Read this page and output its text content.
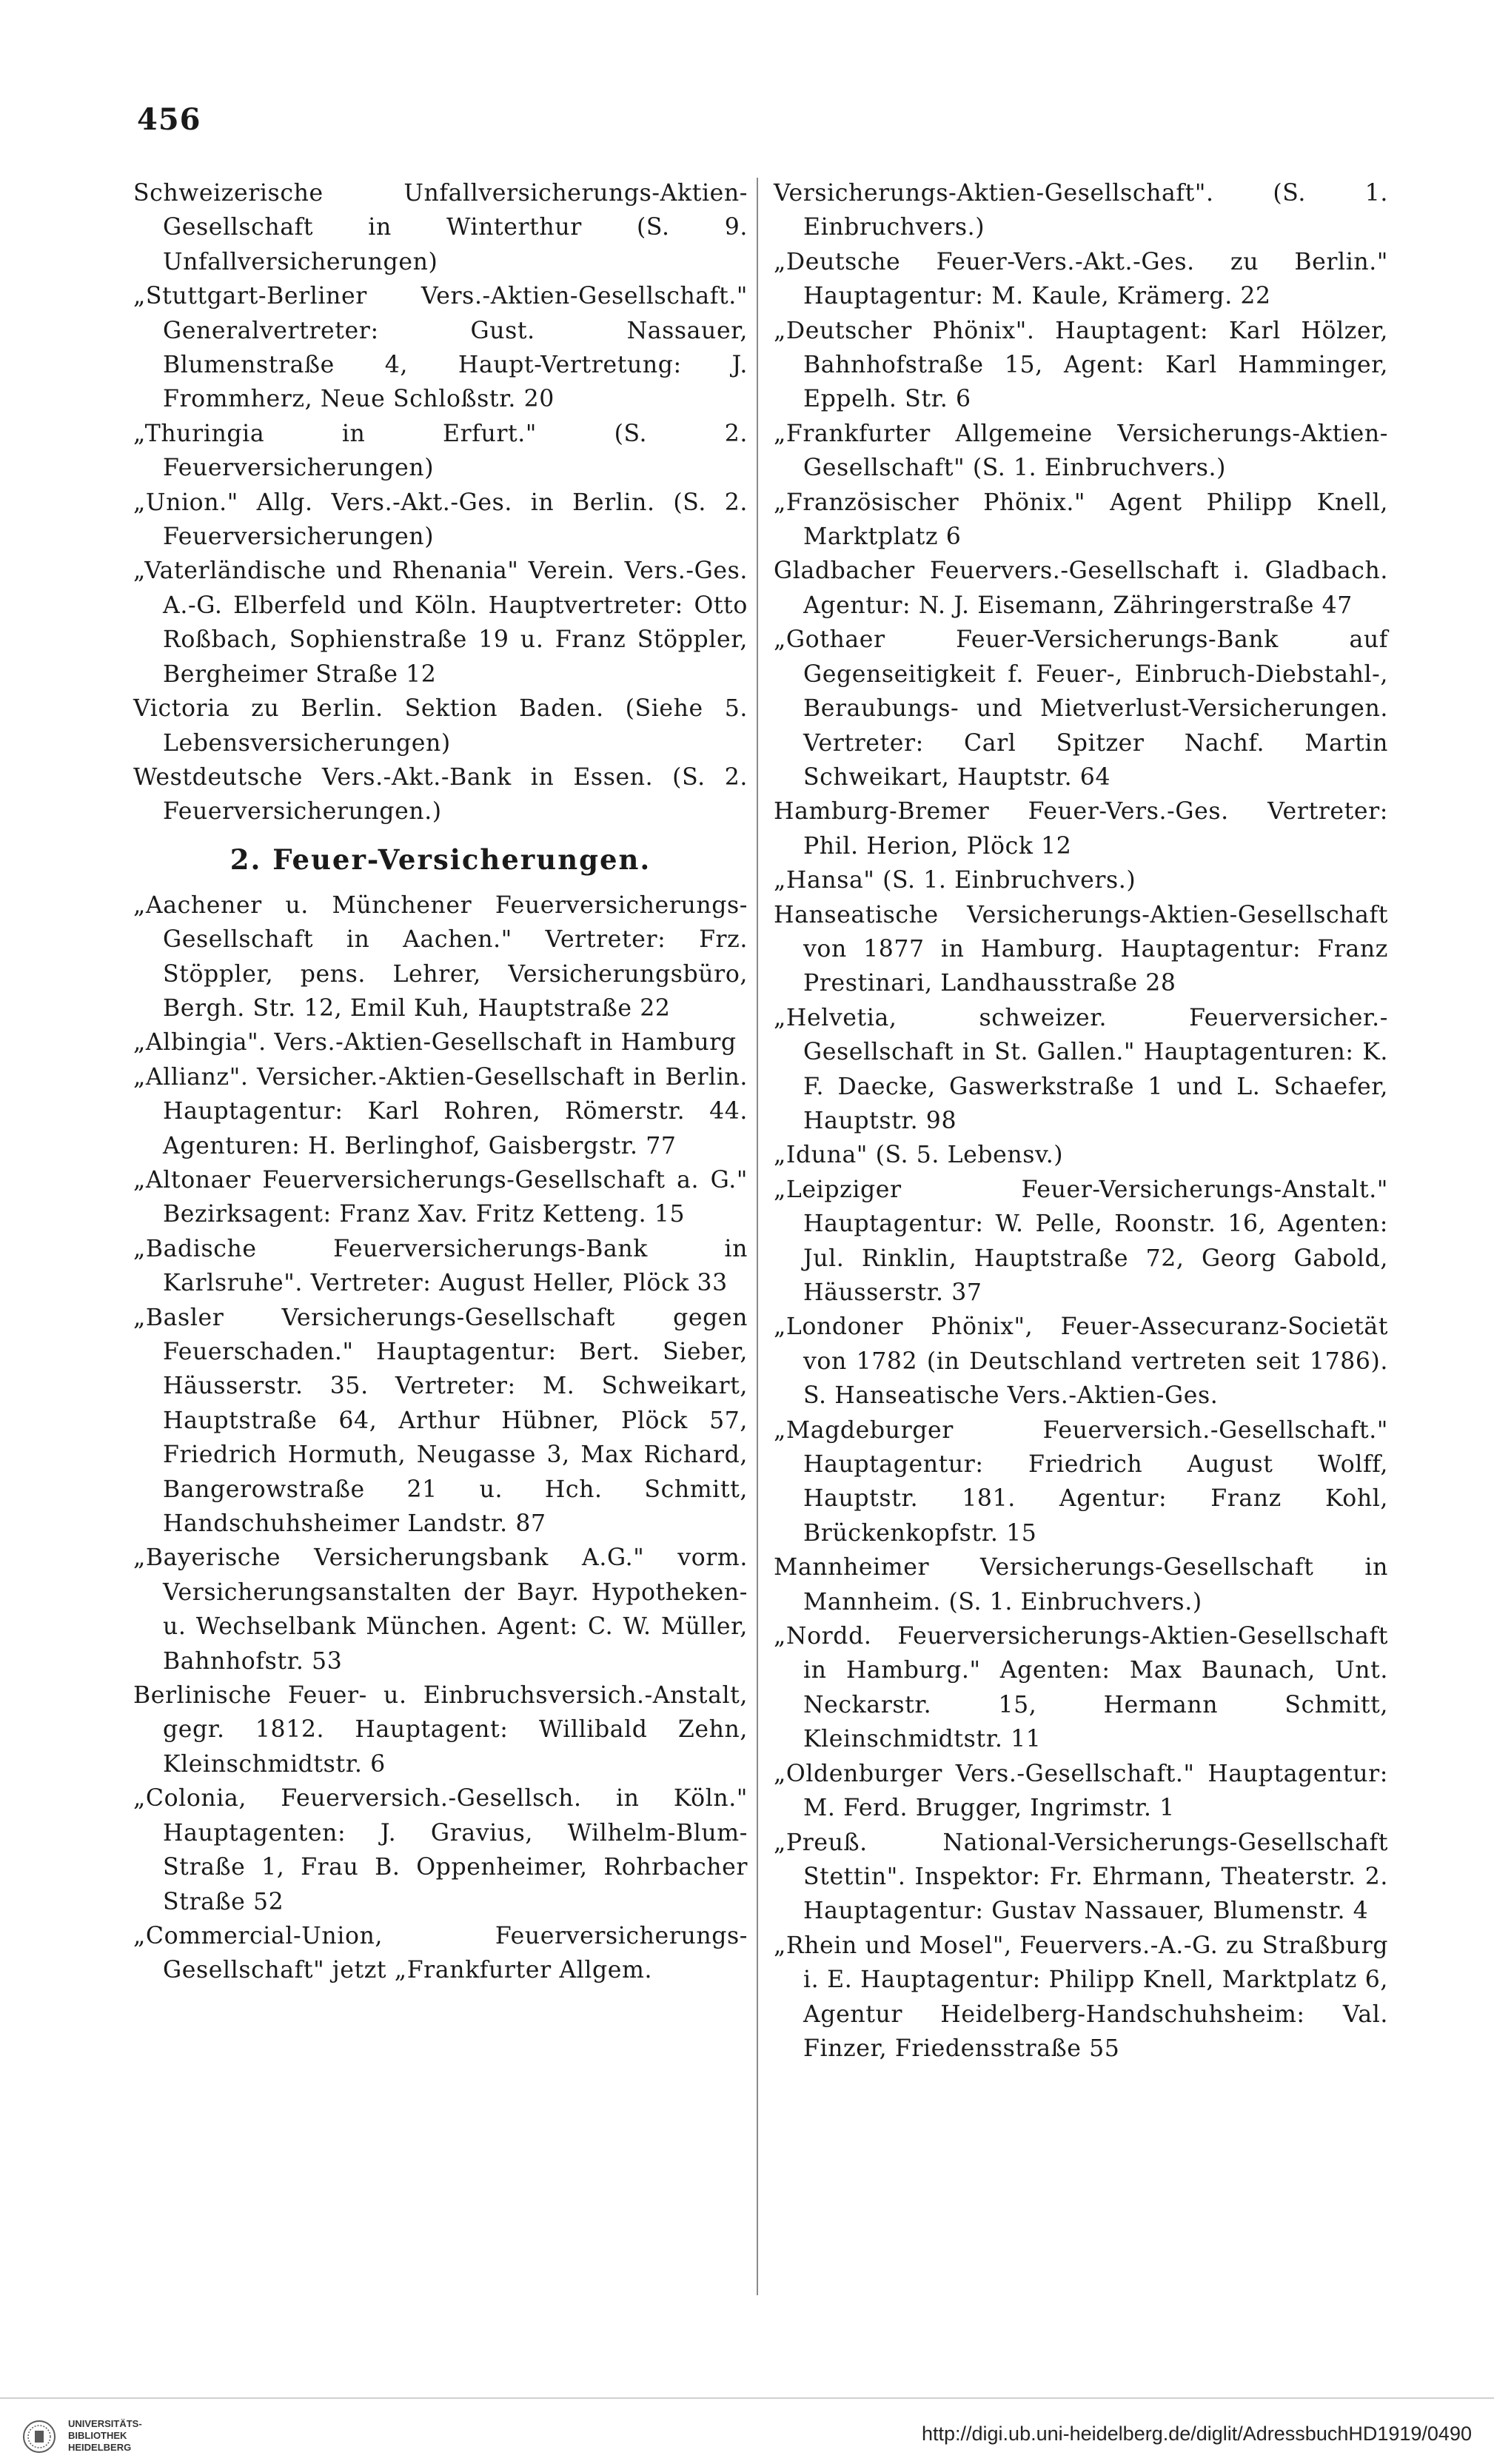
456

Schweizerische Unfallversicherungs-Aktien-Gesellschaft in Winterthur (S. 9. Unfallversicherungen)

„Stuttgart-Berliner Vers.-Aktien-Gesellschaft." Generalvertreter: Gust. Nassauer, Blumenstraße 4, Haupt-Vertretung: J. Frommherz, Neue Schloßstr. 20

„Thuringia in Erfurt." (S. 2. Feuerversicherungen)

„Union." Allg. Vers.-Akt.-Ges. in Berlin. (S. 2. Feuerversicherungen)

„Vaterländische und Rhenania" Verein. Vers.-Ges. A.-G. Elberfeld und Köln. Hauptvertreter: Otto Roßbach, Sophienstraße 19 u. Franz Stöppler, Bergheimer Straße 12

Victoria zu Berlin. Sektion Baden. (Siehe 5. Lebensversicherungen)

Westdeutsche Vers.-Akt.-Bank in Essen. (S. 2. Feuerversicherungen.)

2. Feuer-Versicherungen.

„Aachener u. Münchener Feuerversicherungs-Gesellschaft in Aachen." Vertreter: Frz. Stöppler, pens. Lehrer, Versicherungsbüro, Bergh. Str. 12, Emil Kuh, Hauptstraße 22

„Albingia". Vers.-Aktien-Gesellschaft in Hamburg

„Allianz". Versicher.-Aktien-Gesellschaft in Berlin. Hauptagentur: Karl Rohren, Römerstr. 44. Agenturen: H. Berlinghof, Gaisbergstr. 77

„Altonaer Feuerversicherungs-Gesellschaft a. G." Bezirksagent: Franz Xav. Fritz Ketteng. 15

„Badische Feuerversicherungs-Bank in Karlsruhe". Vertreter: August Heller, Plöck 33

„Basler Versicherungs-Gesellschaft gegen Feuerschaden." Hauptagentur: Bert. Sieber, Häusserstr. 35. Vertreter: M. Schweikart, Hauptstraße 64, Arthur Hübner, Plöck 57, Friedrich Hormuth, Neugasse 3, Max Richard, Bangerowstraße 21 u. Hch. Schmitt, Handschuhsheimer Landstr. 87

„Bayerische Versicherungsbank A.G." vorm. Versicherungsanstalten der Bayr. Hypotheken- u. Wechselbank München. Agent: C. W. Müller, Bahnhofstr. 53

Berlinische Feuer- u. Einbruchsversich.-Anstalt, gegr. 1812. Hauptagent: Willibald Zehn, Kleinschmidtstr. 6

„Colonia, Feuerversich.-Gesellsch. in Köln." Hauptagenten: J. Gravius, Wilhelm-Blum-Straße 1, Frau B. Oppenheimer, Rohrbacher Straße 52

„Commercial-Union, Feuerversicherungs-Gesellschaft" jetzt „Frankfurter Allgem.

Versicherungs-Aktien-Gesellschaft". (S. 1. Einbruchvers.)

„Deutsche Feuer-Vers.-Akt.-Ges. zu Berlin." Hauptagentur: M. Kaule, Krämerg. 22

„Deutscher Phönix". Hauptagent: Karl Hölzer, Bahnhofstraße 15, Agent: Karl Hamminger, Eppelh. Str. 6

„Frankfurter Allgemeine Versicherungs-Aktien-Gesellschaft" (S. 1. Einbruchvers.)

„Französischer Phönix." Agent Philipp Knell, Marktplatz 6

Gladbacher Feuervers.-Gesellschaft i. Gladbach. Agentur: N. J. Eisemann, Zähringerstraße 47

„Gothaer Feuer-Versicherungs-Bank auf Gegenseitigkeit f. Feuer-, Einbruch-Diebstahl-, Beraubungs- und Mietverlust-Versicherungen. Vertreter: Carl Spitzer Nachf. Martin Schweikart, Hauptstr. 64

Hamburg-Bremer Feuer-Vers.-Ges. Vertreter: Phil. Herion, Plöck 12

„Hansa" (S. 1. Einbruchvers.)

Hanseatische Versicherungs-Aktien-Gesellschaft von 1877 in Hamburg. Hauptagentur: Franz Prestinari, Landhausstraße 28

„Helvetia, schweizer. Feuerversicher.-Gesellschaft in St. Gallen." Hauptagenturen: K. F. Daecke, Gaswerkstraße 1 und L. Schaefer, Hauptstr. 98

„Iduna" (S. 5. Lebensv.)

„Leipziger Feuer-Versicherungs-Anstalt." Hauptagentur: W. Pelle, Roonstr. 16, Agenten: Jul. Rinklin, Hauptstraße 72, Georg Gabold, Häusserstr. 37

„Londoner Phönix", Feuer-Assecuranz-Societät von 1782 (in Deutschland vertreten seit 1786). S. Hanseatische Vers.-Aktien-Ges.

„Magdeburger Feuerversich.-Gesellschaft." Hauptagentur: Friedrich August Wolff, Hauptstr. 181. Agentur: Franz Kohl, Brückenkopfstr. 15

Mannheimer Versicherungs-Gesellschaft in Mannheim. (S. 1. Einbruchvers.)

„Nordd. Feuerversicherungs-Aktien-Gesellschaft in Hamburg." Agenten: Max Baunach, Unt. Neckarstr. 15, Hermann Schmitt, Kleinschmidtstr. 11

„Oldenburger Vers.-Gesellschaft." Hauptagentur: M. Ferd. Brugger, Ingrimstr. 1

„Preuß. National-Versicherungs-Gesellschaft Stettin". Inspektor: Fr. Ehrmann, Theaterstr. 2. Hauptagentur: Gustav Nassauer, Blumenstr. 4

„Rhein und Mosel", Feuervers.-A.-G. zu Straßburg i. E. Hauptagentur: Philipp Knell, Marktplatz 6, Agentur Heidelberg-Handschuhsheim: Val. Finzer, Friedensstraße 55

UNIVERSITÄTS-
BIBLIOTHEK
HEIDELBERG
http://digi.ub.uni-heidelberg.de/diglit/AdressbuchHD1919/0490
